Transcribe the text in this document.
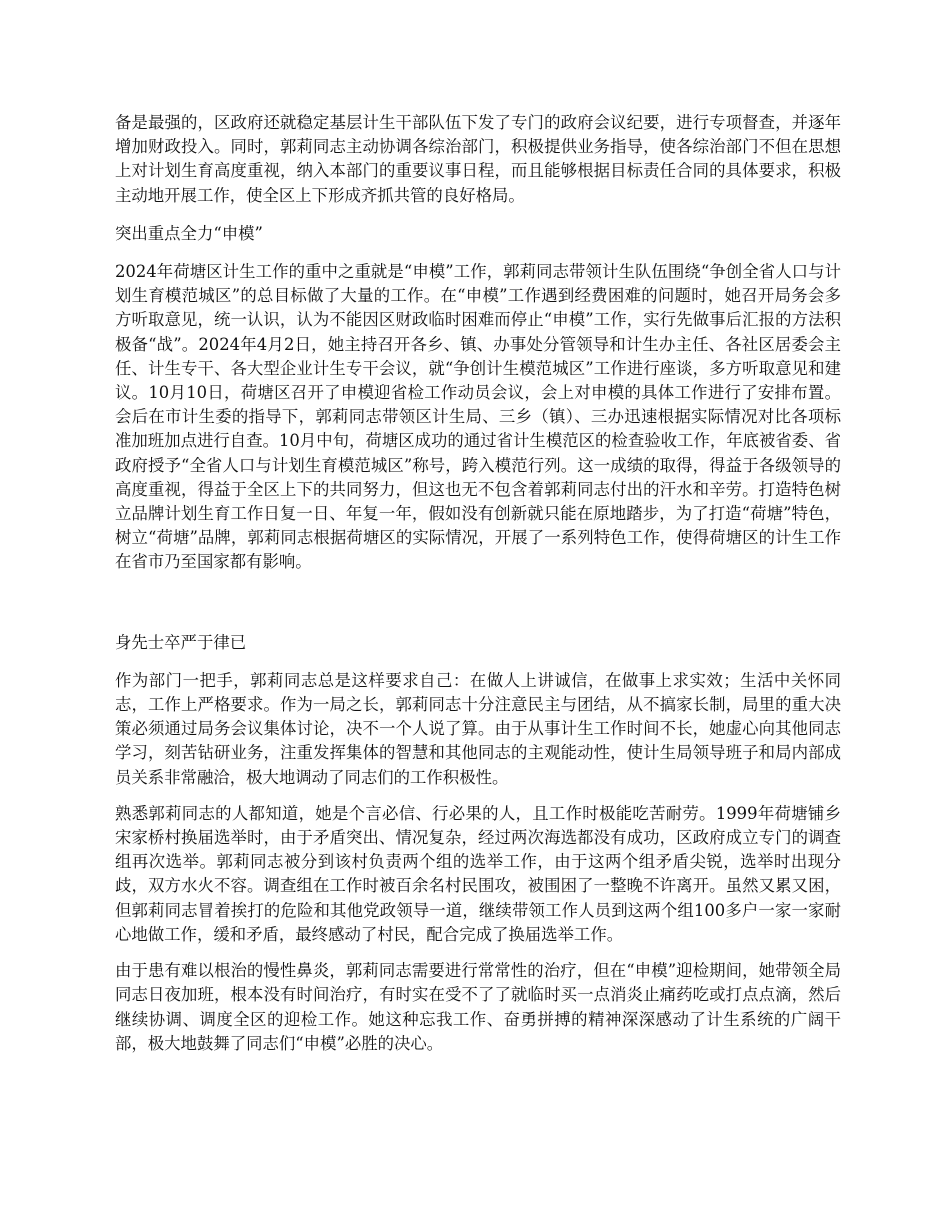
备是最强的，区政府还就稳定基层计生干部队伍下发了专门的政府会议纪要，进行专项督查，并逐年增加财政投入。同时，郭莉同志主动协调各综治部门，积极提供业务指导，使各综治部门不但在思想上对计划生育高度重视，纳入本部门的重要议事日程，而且能够根据目标责任合同的具体要求，积极主动地开展工作，使全区上下形成齐抓共管的良好格局。

突出重点全力“申模”

2024年荷塘区计生工作的重中之重就是“申模”工作，郭莉同志带领计生队伍围绕“争创全省人口与计划生育模范城区”的总目标做了大量的工作。在“申模”工作遇到经费困难的问题时，她召开局务会多方听取意见，统一认识，认为不能因区财政临时困难而停止“申模”工作，实行先做事后汇报的方法积极备“战”。2024年4月2日，她主持召开各乡、镇、办事处分管领导和计生办主任、各社区居委会主任、计生专干、各大型企业计生专干会议，就“争创计生模范城区”工作进行座谈，多方听取意见和建议。10月10日，荷塘区召开了申模迎省检工作动员会议，会上对申模的具体工作进行了安排布置。会后在市计生委的指导下，郭莉同志带领区计生局、三乡（镇）、三办迅速根据实际情况对比各项标准加班加点进行自查。10月中旬，荷塘区成功的通过省计生模范区的检查验收工作，年底被省委、省政府授予“全省人口与计划生育模范城区”称号，跨入模范行列。这一成绩的取得，得益于各级领导的高度重视，得益于全区上下的共同努力，但这也无不包含着郭莉同志付出的汗水和辛劳。打造特色树立品牌计划生育工作日复一日、年复一年，假如没有创新就只能在原地踏步，为了打造“荷塘”特色，树立“荷塘”品牌，郭莉同志根据荷塘区的实际情况，开展了一系列特色工作，使得荷塘区的计生工作在省市乃至国家都有影响。

身先士卒严于律已

作为部门一把手，郭莉同志总是这样要求自己：在做人上讲诚信，在做事上求实效；生活中关怀同志，工作上严格要求。作为一局之长，郭莉同志十分注意民主与团结，从不搞家长制，局里的重大决策必须通过局务会议集体讨论，决不一个人说了算。由于从事计生工作时间不长，她虚心向其他同志学习，刻苦钻研业务，注重发挥集体的智慧和其他同志的主观能动性，使计生局领导班子和局内部成员关系非常融洽，极大地调动了同志们的工作积极性。

熟悉郭莉同志的人都知道，她是个言必信、行必果的人，且工作时极能吃苦耐劳。1999年荷塘铺乡宋家桥村换届选举时，由于矛盾突出、情况复杂，经过两次海选都没有成功，区政府成立专门的调查组再次选举。郭莉同志被分到该村负责两个组的选举工作，由于这两个组矛盾尖锐，选举时出现分歧，双方水火不容。调查组在工作时被百余名村民围攻，被围困了一整晚不许离开。虽然又累又困，但郭莉同志冒着挨打的危险和其他党政领导一道，继续带领工作人员到这两个组100多户一家一家耐心地做工作，缓和矛盾，最终感动了村民，配合完成了换届选举工作。

由于患有难以根治的慢性鼻炎，郭莉同志需要进行常常性的治疗，但在“申模”迎检期间，她带领全局同志日夜加班，根本没有时间治疗，有时实在受不了了就临时买一点消炎止痛药吃或打点点滴，然后继续协调、调度全区的迎检工作。她这种忘我工作、奋勇拼搏的精神深深感动了计生系统的广阔干部，极大地鼓舞了同志们“申模”必胜的决心。
